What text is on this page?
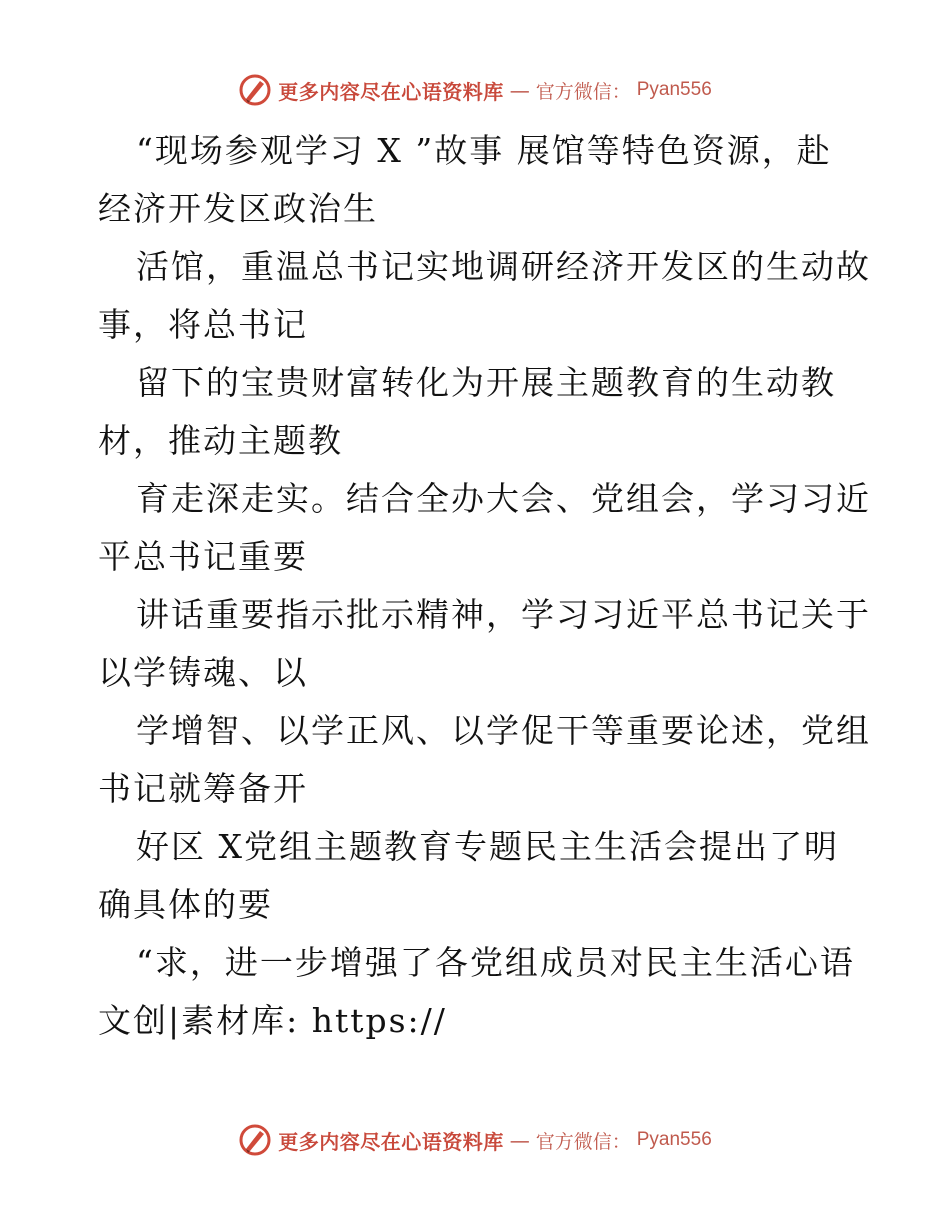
更多内容尽在心语资料库 — 官方微信： Pyan556
“现场参观学习 X ”故事 展馆等特色资源，赴
经济开发区政治生
活馆，重温总书记实地调研经济开发区的生动故
事，将总书记
留下的宝贵财富转化为开展主题教育的生动教
材，推动主题教
育走深走实。结合全办大会、党组会，学习习近
平总书记重要
讲话重要指示批示精神，学习习近平总书记关于
以学铸魂、以
学增智、以学正风、以学促干等重要论述，党组
书记就筹备开
好区 X党组主题教育专题民主生活会提出了明
确具体的要
“求，进一步增强了各党组成员对民主生活心语
文创|素材库: https://
更多内容尽在心语资料库 — 官方微信： Pyan556
